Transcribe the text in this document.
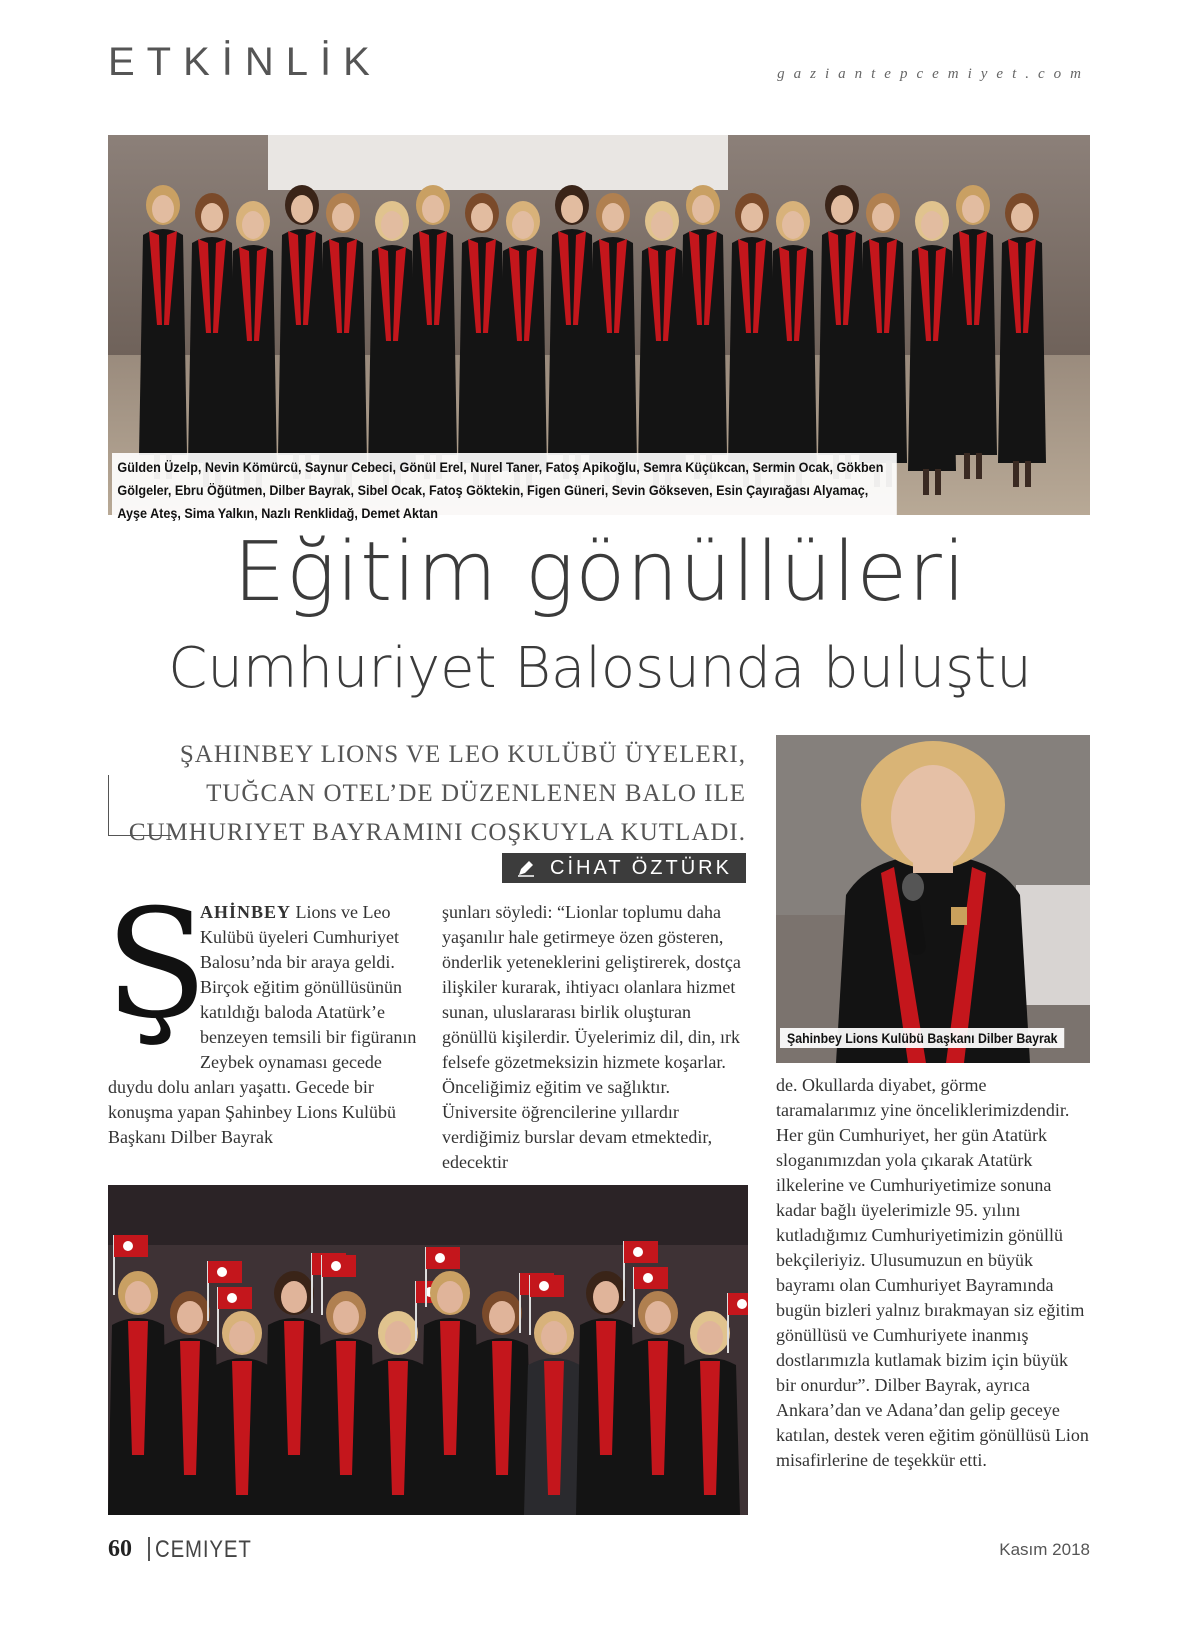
ETKİNLİK	gaziantepcemiyet.com
Gülden Üzelp, Nevin Kömürcü, Saynur Cebeci, Gönül Erel, Nurel Taner, Fatoş Apikoğlu, Semra Küçükcan, Sermin Ocak, Gökben Gölgeler, Ebru Öğütmen, Dilber Bayrak, Sibel Ocak, Fatoş Göktekin, Figen Güneri, Sevin Gökseven, Esin Çayırağası Alyamaç, Ayşe Ateş, Sima Yalkın, Nazlı Renklidağ, Demet Aktan
Eğitim gönüllüleri
Cumhuriyet Balosunda buluştu
ŞAHINBEY LIONS VE LEO KULÜBÜ ÜYELERI, TUĞCAN OTEL’DE DÜZENLENEN BALO ILE CUMHURIYET BAYRAMINI COŞKUYLA KUTLADI.
CİHAT ÖZTÜRK
Şahinbey Lions Kulübü Başkanı Dilber Bayrak
Ş
AHİNBEY Lions ve Leo Kulübü üyeleri Cumhuriyet Balosu’nda bir araya geldi. Birçok eğitim gönüllüsünün katıldığı baloda Atatürk’e benzeyen temsili bir figüranın Zeybek oynaması gecede duydu dolu anları yaşattı. Gecede bir konuşma yapan Şahinbey Lions Kulübü Başkanı Dilber Bayrak
şunları söyledi: “Lionlar toplumu daha yaşanılır hale getirmeye özen gösteren, önderlik yeteneklerini geliştirerek, dostça ilişkiler kurarak, ihtiyacı olanlara hizmet sunan, uluslararası birlik oluşturan gönüllü kişilerdir. Üyelerimiz dil, din, ırk felsefe gözetmeksizin hizmete koşarlar. Önceliğimiz eğitim ve sağlıktır. Üniversite öğrencilerine yıllardır verdiğimiz burslar devam etmektedir, edecektir
de. Okullarda diyabet, görme taramalarımız yine önceliklerimizdendir. Her gün Cumhuriyet, her gün Atatürk sloganımızdan yola çıkarak Atatürk ilkelerine ve Cumhuriyetimize sonuna kadar bağlı üyelerimizle 95. yılını kutladığımız Cumhuriyetimizin gönüllü bekçileriyiz. Ulusumuzun en büyük bayramı olan Cumhuriyet Bayramında bugün bizleri yalnız bırakmayan siz eğitim gönüllüsü ve Cumhuriyete inanmış dostlarımızla kutlamak bizim için büyük bir onurdur”. Dilber Bayrak, ayrıca Ankara’dan ve Adana’dan gelip geceye katılan, destek veren eğitim gönüllüsü Lion misafirlerine de teşekkür etti.
60 CEMIYET	Kasım 2018
